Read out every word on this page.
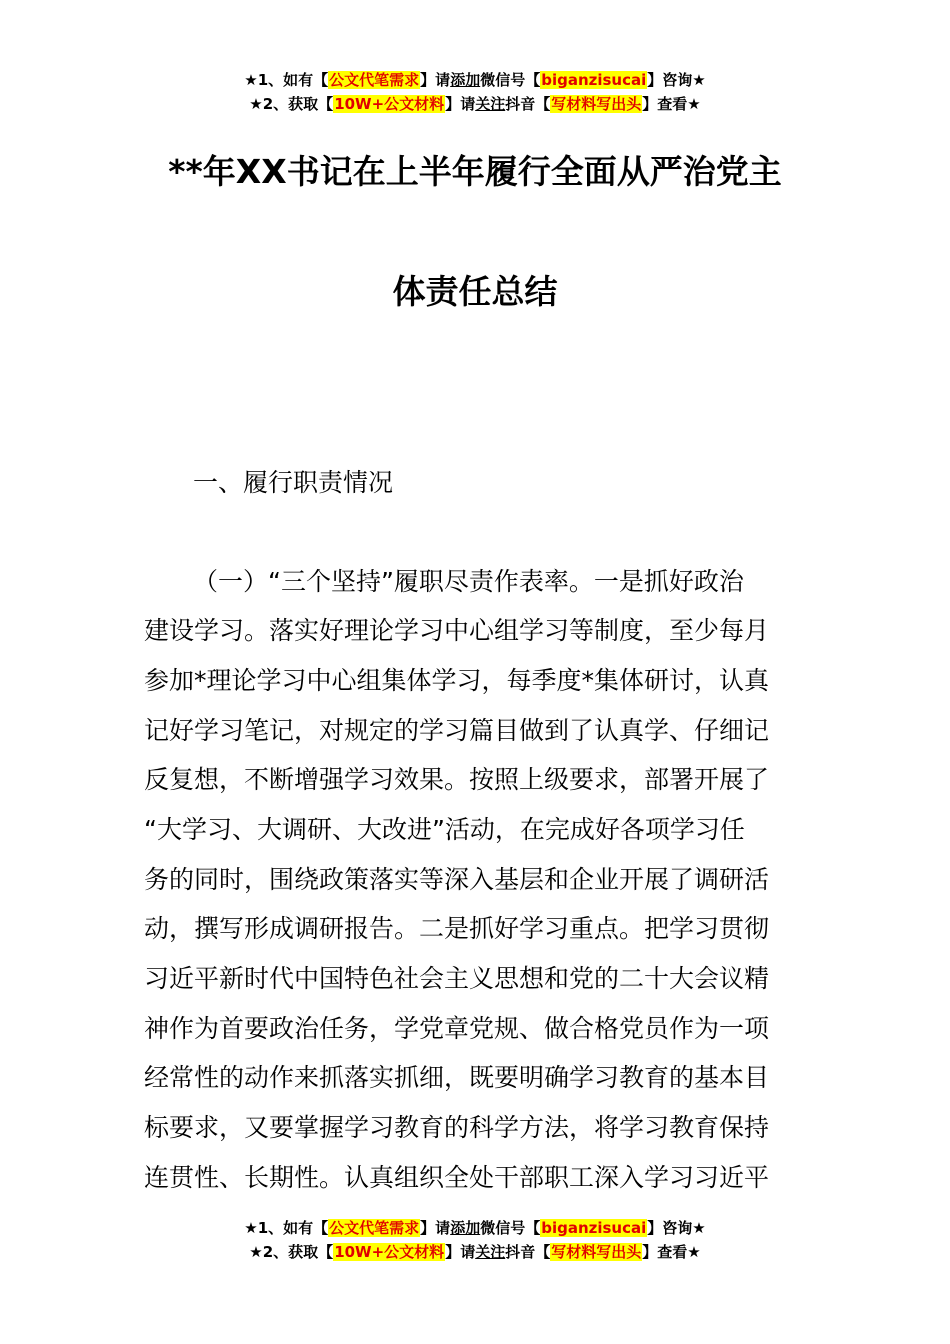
★1、如有【公文代笔需求】请添加微信号【biganzisucai】咨询★
★2、获取【10W+公文材料】请关注抖音【写材料写出头】查看★
**年XX书记在上半年履行全面从严治党主
体责任总结
一、履行职责情况
（一）“三个坚持”履职尽责作表率。一是抓好政治
建设学习。落实好理论学习中心组学习等制度，至少每月
参加*理论学习中心组集体学习，每季度*集体研讨，认真
记好学习笔记，对规定的学习篇目做到了认真学、仔细记
反复想，不断增强学习效果。按照上级要求，部署开展了
“大学习、大调研、大改进”活动，在完成好各项学习任
务的同时，围绕政策落实等深入基层和企业开展了调研活
动，撰写形成调研报告。二是抓好学习重点。把学习贯彻
习近平新时代中国特色社会主义思想和党的二十大会议精
神作为首要政治任务，学党章党规、做合格党员作为一项
经常性的动作来抓落实抓细，既要明确学习教育的基本目
标要求，又要掌握学习教育的科学方法，将学习教育保持
连贯性、长期性。认真组织全处干部职工深入学习习近平
★1、如有【公文代笔需求】请添加微信号【biganzisucai】咨询★
★2、获取【10W+公文材料】请关注抖音【写材料写出头】查看★
